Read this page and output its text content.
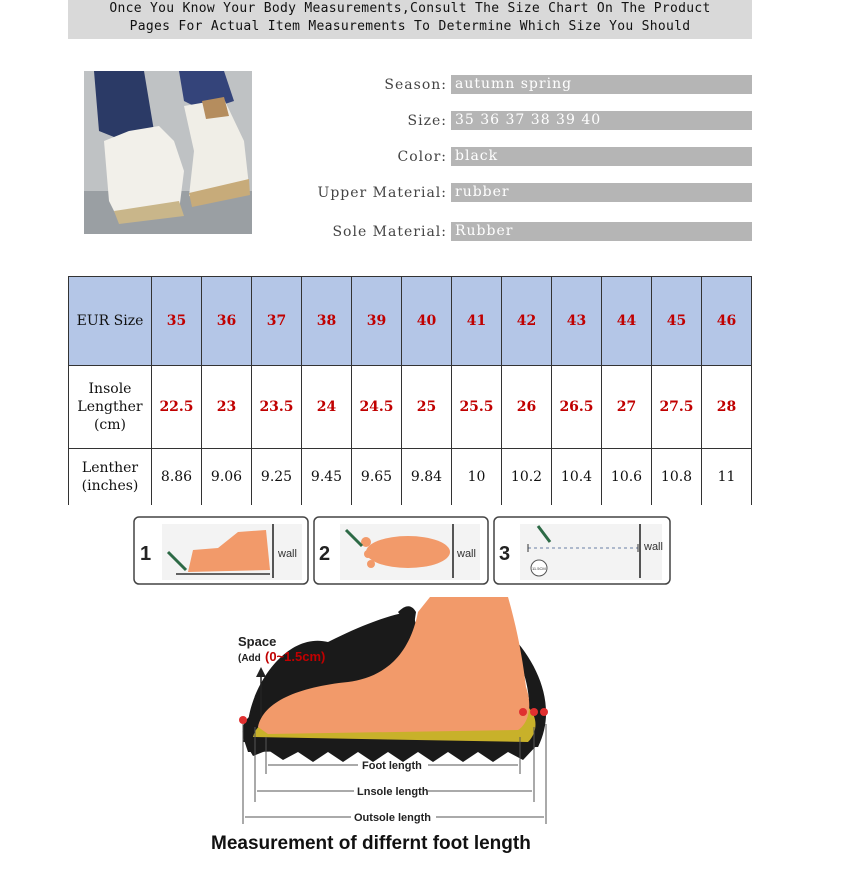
Once You Know Your Body Measurements,Consult The Size Chart On The Product
Pages For Actual Item Measurements To Determine Which Size You Should
Season: autumn spring
Size: 35 36 37 38 39 40
Color: black
Upper Material: rubber
Sole Material: Rubber
EUR Size	35	36	37	38	39	40	41	42	43	44	45	46

Insole
Lengther
(cm)	22.5	23	23.5	24	24.5	25	25.5	26	26.5	27	27.5	28

Lenther
(inches)	8.86	9.06	9.25	9.45	9.65	9.84	10	10.2	10.4	10.6	10.8	11
1	wall 2	wall 3
11.5CM
wall
Space
(Add (0~1.5cm)
Foot length
Lnsole length
Outsole length
Measurement of differnt foot length
